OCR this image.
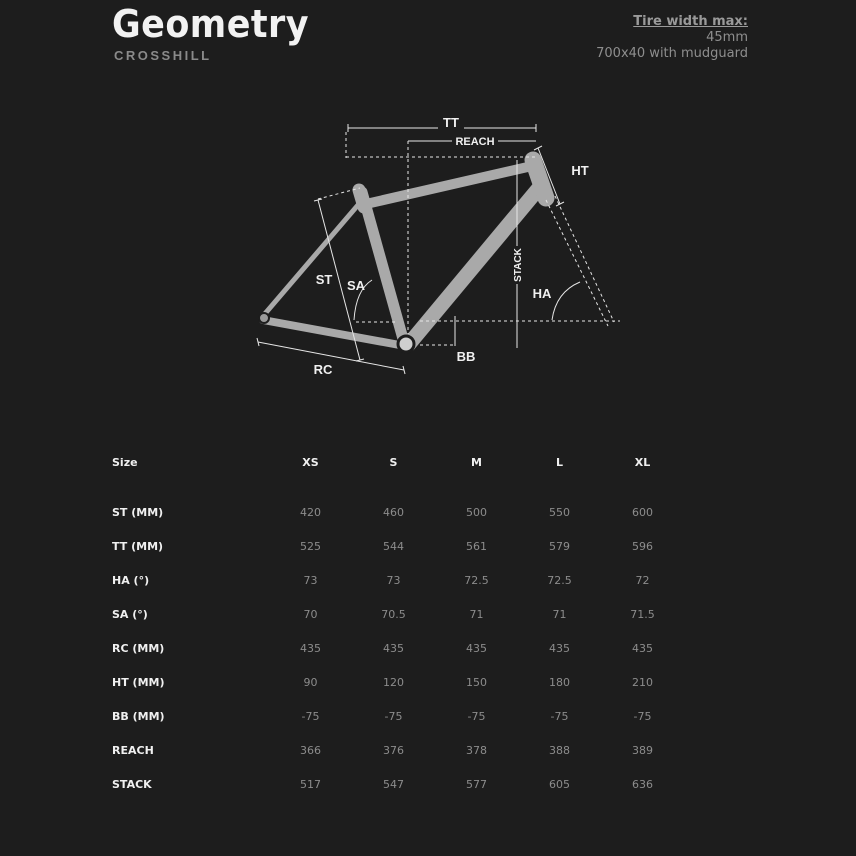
Geometry
CROSSHILL
Tire width max:
45mm
700x40 with mudguard
TT
REACH
HT
ST SA
STACK
HA
BB
RC
Size	XS	S	M	L	XL

ST (MM)	420	460	500	550	600
TT (MM)	525	544	561	579	596
HA (°)	73	73	72.5	72.5	72
SA (°)	70	70.5	71	71	71.5
RC (MM)	435	435	435	435	435
HT (MM)	90	120	150	180	210
BB (MM)	-75	-75	-75	-75	-75
REACH	366	376	378	388	389
STACK	517	547	577	605	636
